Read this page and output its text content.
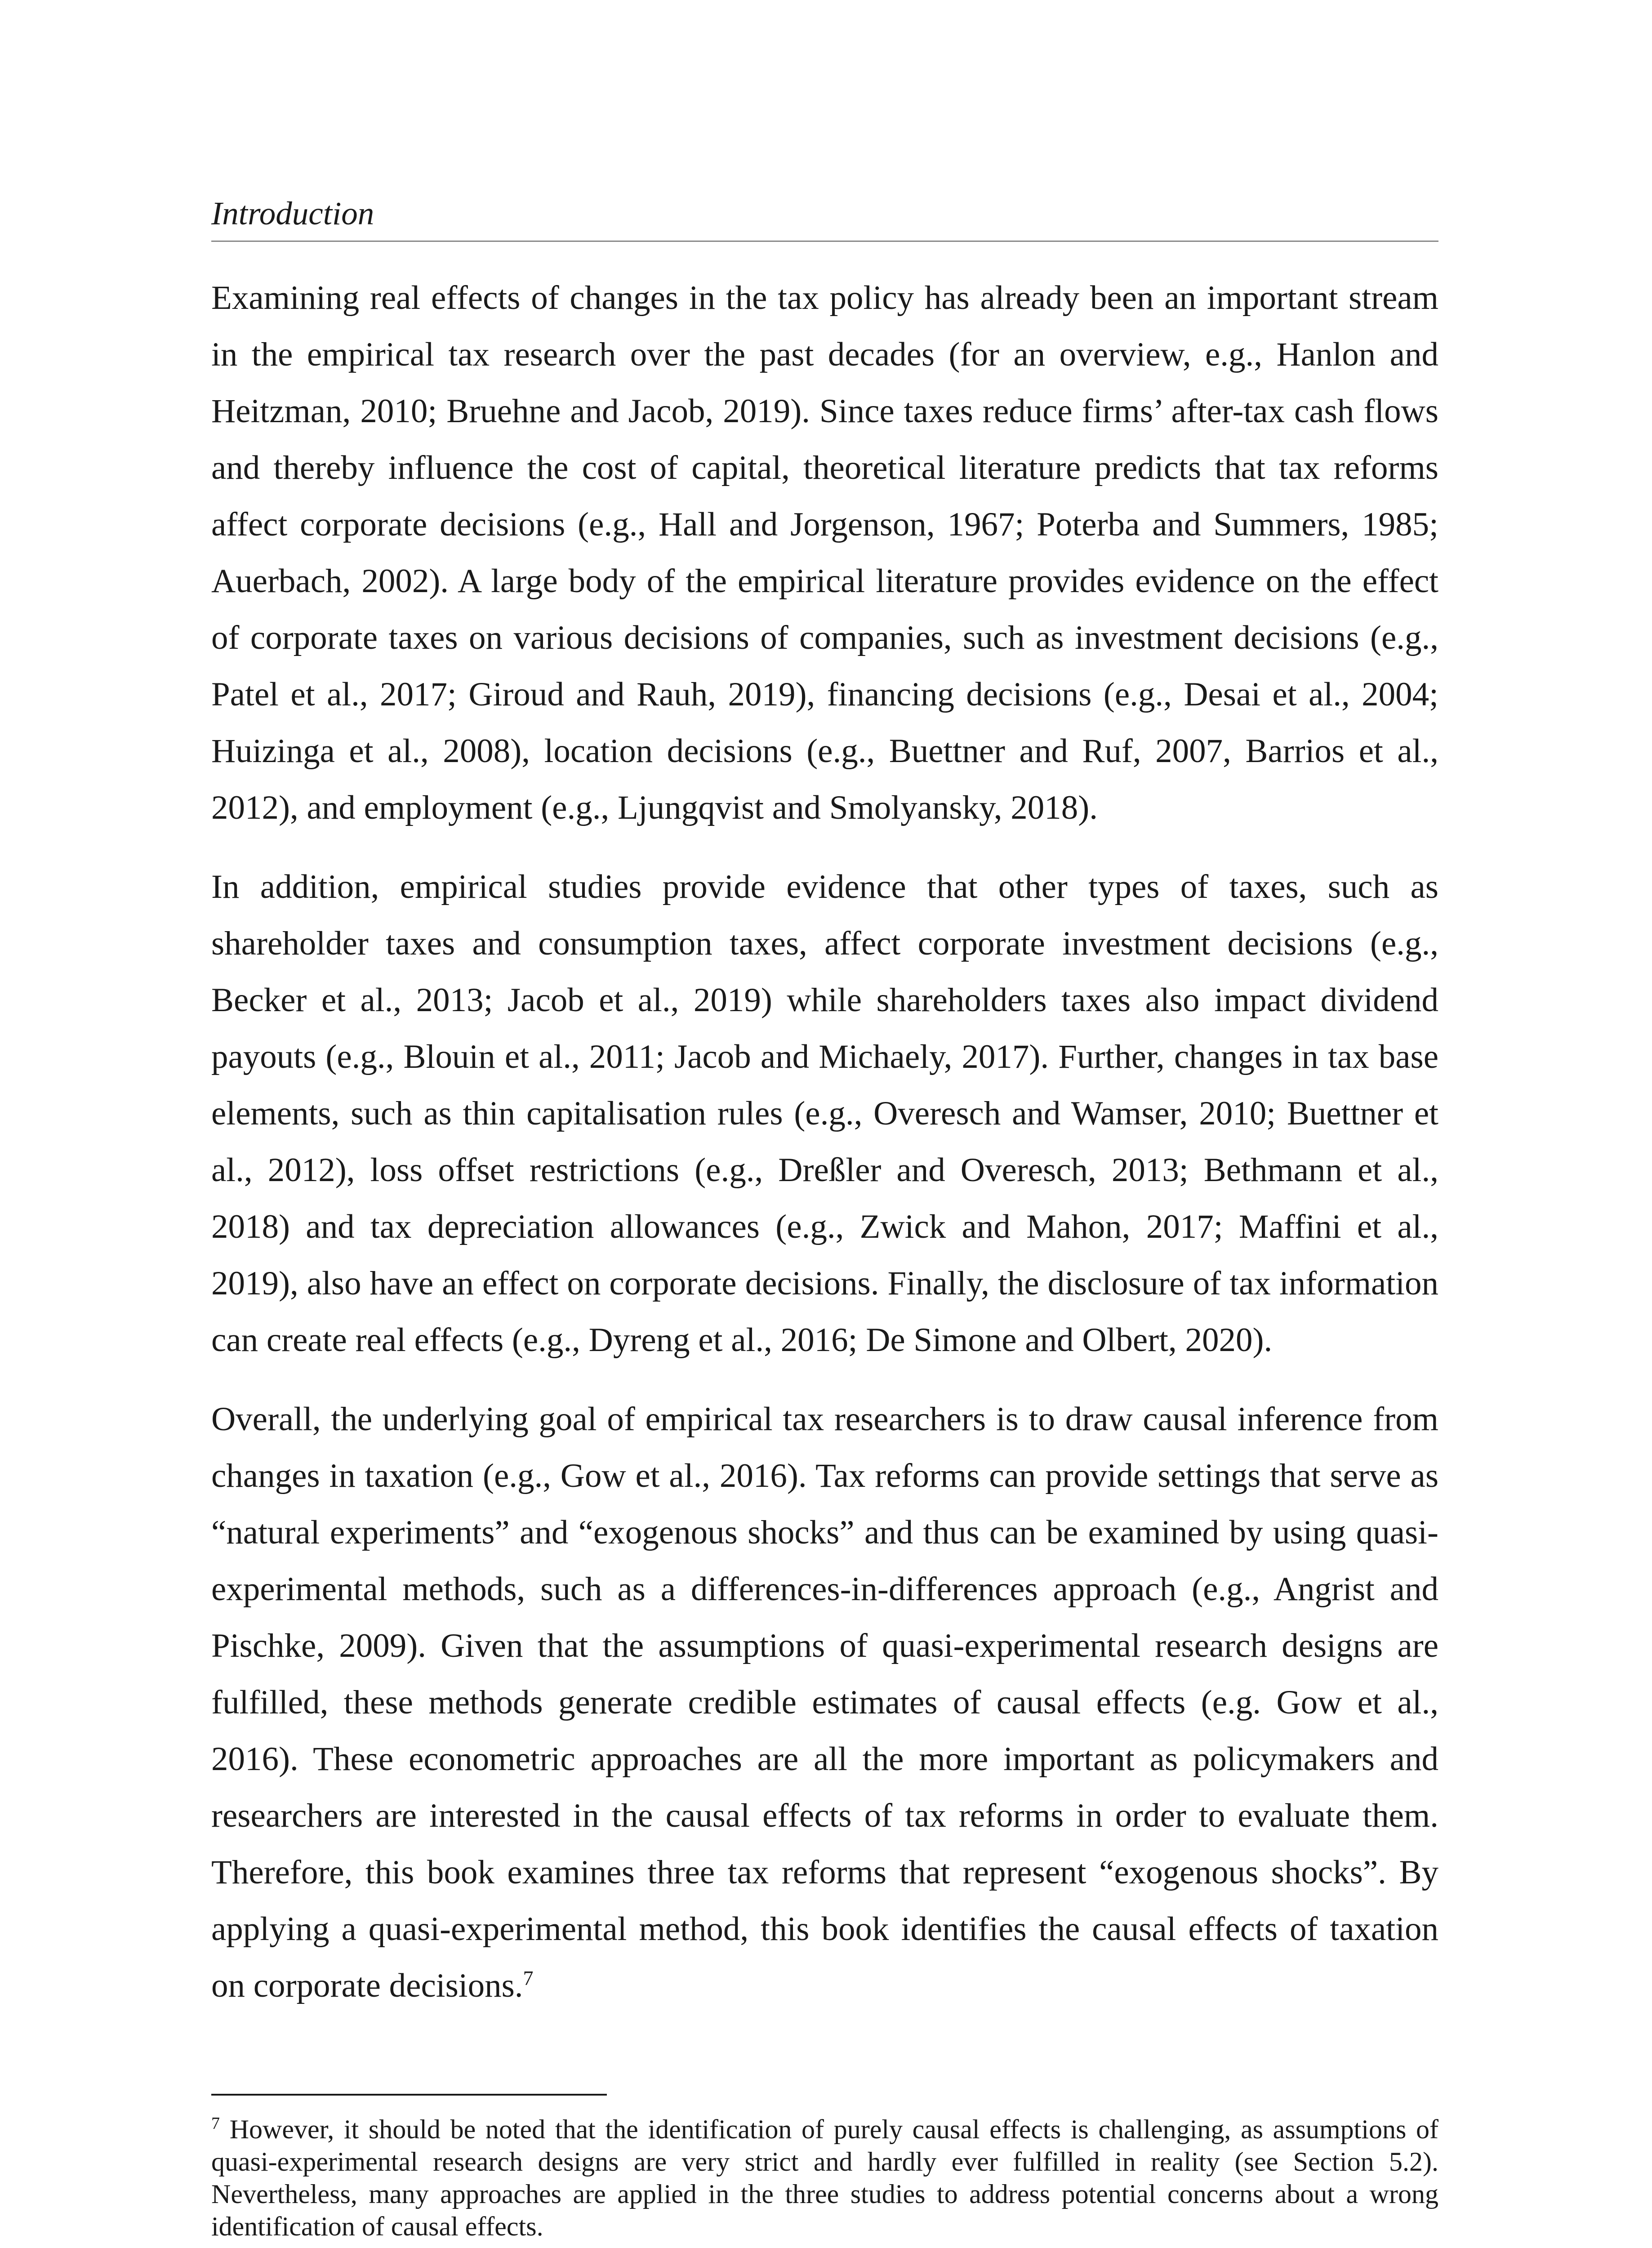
Introduction

Examining real effects of changes in the tax policy has already been an important stream in the empirical tax research over the past decades (for an overview, e.g., Hanlon and Heitzman, 2010; Bruehne and Jacob, 2019). Since taxes reduce firms’ after-tax cash flows and thereby influence the cost of capital, theoretical literature predicts that tax reforms affect corporate decisions (e.g., Hall and Jorgenson, 1967; Poterba and Summers, 1985; Auerbach, 2002). A large body of the empirical literature provides evidence on the effect of corporate taxes on various decisions of companies, such as investment decisions (e.g., Patel et al., 2017; Giroud and Rauh, 2019), financing decisions (e.g., Desai et al., 2004; Huizinga et al., 2008), location decisions (e.g., Buettner and Ruf, 2007, Barrios et al., 2012), and employment (e.g., Ljungqvist and Smolyansky, 2018).

In addition, empirical studies provide evidence that other types of taxes, such as shareholder taxes and consumption taxes, affect corporate investment decisions (e.g., Becker et al., 2013; Jacob et al., 2019) while shareholders taxes also impact dividend payouts (e.g., Blouin et al., 2011; Jacob and Michaely, 2017). Further, changes in tax base elements, such as thin capitalisation rules (e.g., Overesch and Wamser, 2010; Buettner et al., 2012), loss offset restrictions (e.g., Dreßler and Overesch, 2013; Bethmann et al., 2018) and tax depreciation allowances (e.g., Zwick and Mahon, 2017; Maffini et al., 2019), also have an effect on corporate decisions. Finally, the disclosure of tax information can create real effects (e.g., Dyreng et al., 2016; De Simone and Olbert, 2020).

Overall, the underlying goal of empirical tax researchers is to draw causal inference from changes in taxation (e.g., Gow et al., 2016). Tax reforms can provide settings that serve as “natural experiments” and “exogenous shocks” and thus can be examined by using quasi-experimental methods, such as a differences-in-differences approach (e.g., Angrist and Pischke, 2009). Given that the assumptions of quasi-experimental research designs are fulfilled, these methods generate credible estimates of causal effects (e.g. Gow et al., 2016). These econometric approaches are all the more important as policymakers and researchers are interested in the causal effects of tax reforms in order to evaluate them. Therefore, this book examines three tax reforms that represent “exogenous shocks”. By applying a quasi-experimental method, this book identifies the causal effects of taxation on corporate decisions.$^7$

$^7$ However, it should be noted that the identification of purely causal effects is challenging, as assumptions of quasi-experimental research designs are very strict and hardly ever fulfilled in reality (see Section 5.2). Nevertheless, many approaches are applied in the three studies to address potential concerns about a wrong identification of causal effects.
